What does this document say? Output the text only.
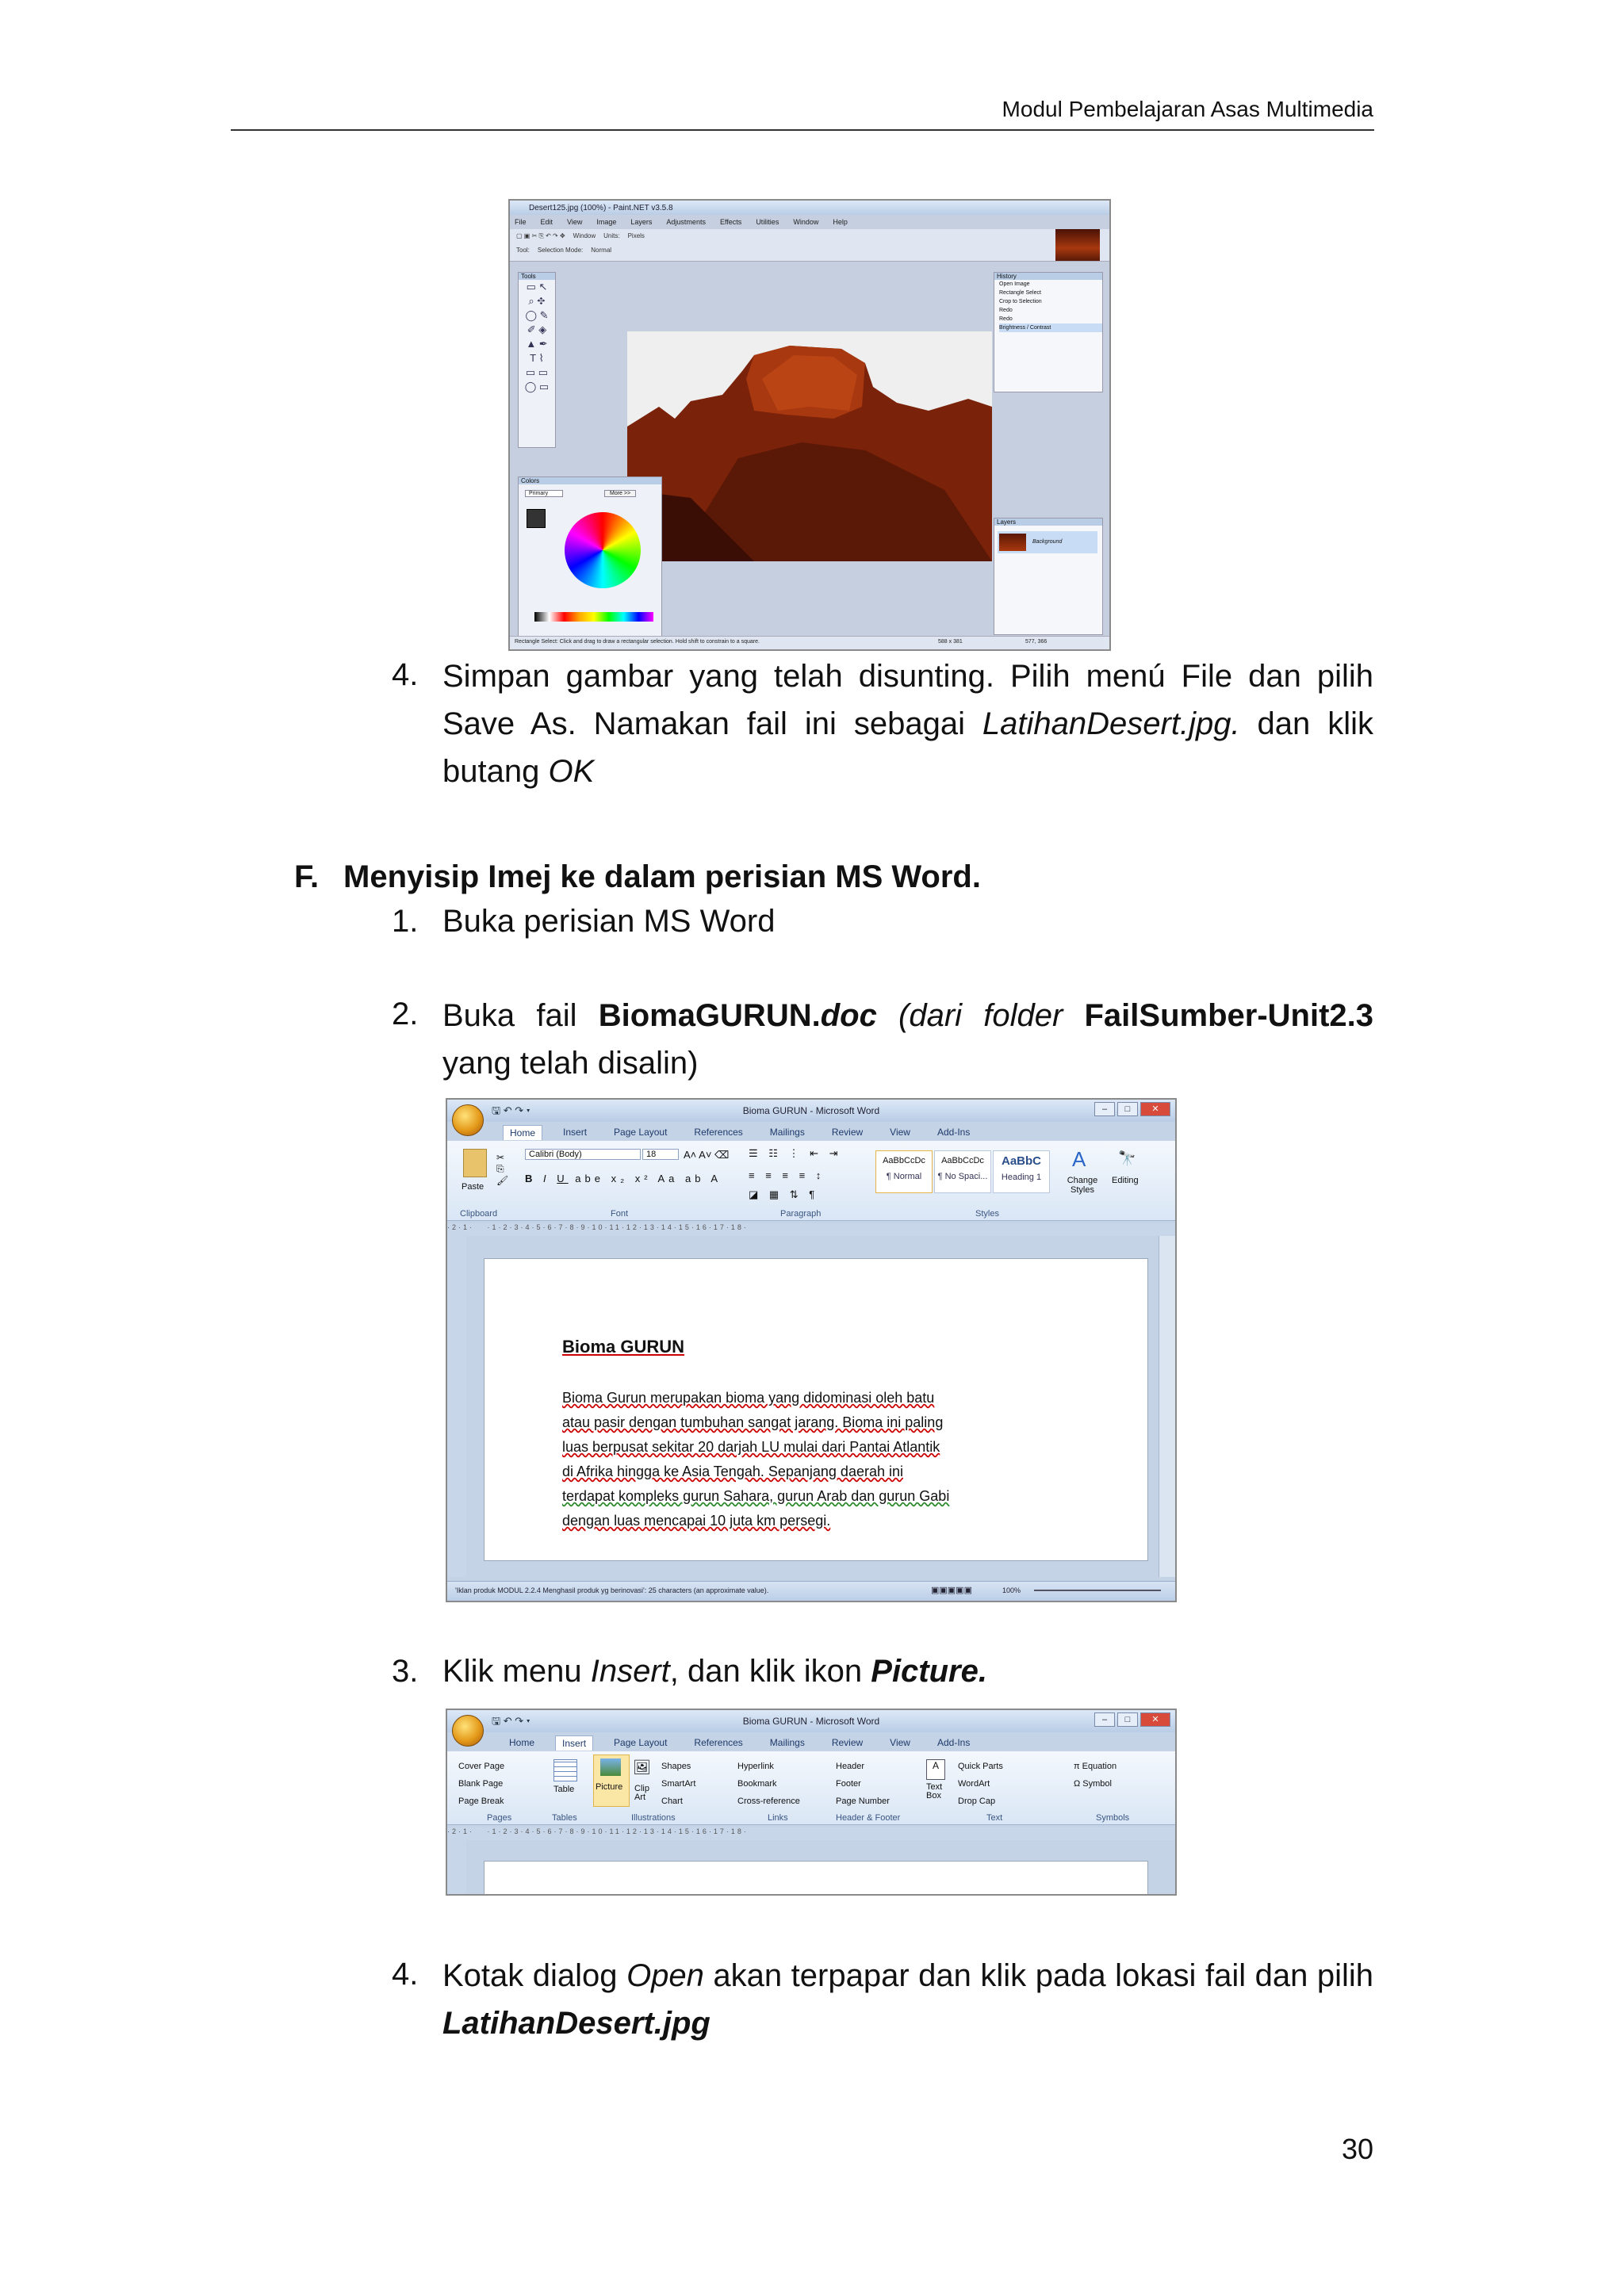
Modul Pembelajaran Asas Multimedia
Desert125.jpg (100%) - Paint.NET v3.5.8
File Edit View Image Layers Adjustments Effects Utilities Window Help
▢ ▣ ✂ ⎘ ↶ ↷ ✥ Window Units: Pixels
Tool: Selection Mode: Normal
Tools
▭ ↖
⌕ ✥
◯ ✎
✐ ◈
▲ ✒
T ⌇
▭ ▭
◯ ▭
History
Open Image
Rectangle Select
Crop to Selection
Redo
Redo
Brightness / Contrast
Colors
Primary	More >>
Layers
Background
Rectangle Select: Click and drag to draw a rectangular selection. Hold shift to constrain to a square.	588 x 381	577, 366
4. Simpan gambar yang telah disunting. Pilih menú File dan pilih Save As. Namakan fail ini sebagai LatihanDesert.jpg. dan klik butang OK
F. Menyisip Imej ke dalam perisian MS Word.
1. Buka perisian MS Word
2. Buka fail BiomaGURUN.doc (dari folder FailSumber-Unit2.3 yang telah disalin)
Bioma GURUN - Microsoft Word	–	□	✕
🖫 ↶ ↷ ▾
Home	Insert	Page Layout	References	Mailings	Review	View	Add-Ins
Paste
✂
⎘
🖌
Calibri (Body)	18	A˄ A˅ ⌫
B I U abe x₂ x² Aa ab A
☰ ☷ ⋮ ⇤ ⇥
≡ ≡ ≡ ≡ ↕
◪ ▦ ⇅ ¶
AaBbCcDc
¶ Normal
AaBbCcDc
¶ No Spaci...
AaBbC
Heading 1
A
Change Styles
🔭
Editing
Clipboard	Font	Paragraph	Styles
·2·1·   ·1·2·3·4·5·6·7·8·9·10·11·12·13·14·15·16·17·18·
Bioma GURUN
Bioma Gurun merupakan bioma yang didominasi oleh batu
atau pasir dengan tumbuhan sangat jarang. Bioma ini paling
luas berpusat sekitar 20 darjah LU mulai dari Pantai Atlantik
di Afrika hingga ke Asia Tengah. Sepanjang daerah ini
terdapat kompleks gurun Sahara, gurun Arab dan gurun Gabi
dengan luas mencapai 10 juta km persegi.
'Iklan produk MODUL 2.2.4 Menghasil produk yg berinovasi': 25 characters (an approximate value).	▣▣▣▣▣	100%
3. Klik menu Insert, dan klik ikon Picture.
Bioma GURUN - Microsoft Word	–	□	✕
🖫 ↶ ↷ ▾
Home	Insert	Page Layout	References	Mailings	Review	View	Add-Ins
Cover Page
Blank Page
Page Break
Table Picture
🖼
Clip Art
Shapes
SmartArt
Chart
Hyperlink
Bookmark
Cross-reference
Header
Footer
Page Number
A
Text Box
Quick Parts
WordArt
Drop Cap
π Equation
Ω Symbol
Pages	Tables	Illustrations	Links	Header & Footer	Text	Symbols
·2·1·   ·1·2·3·4·5·6·7·8·9·10·11·12·13·14·15·16·17·18·
4. Kotak dialog Open akan terpapar dan klik pada lokasi fail dan pilih LatihanDesert.jpg
30
